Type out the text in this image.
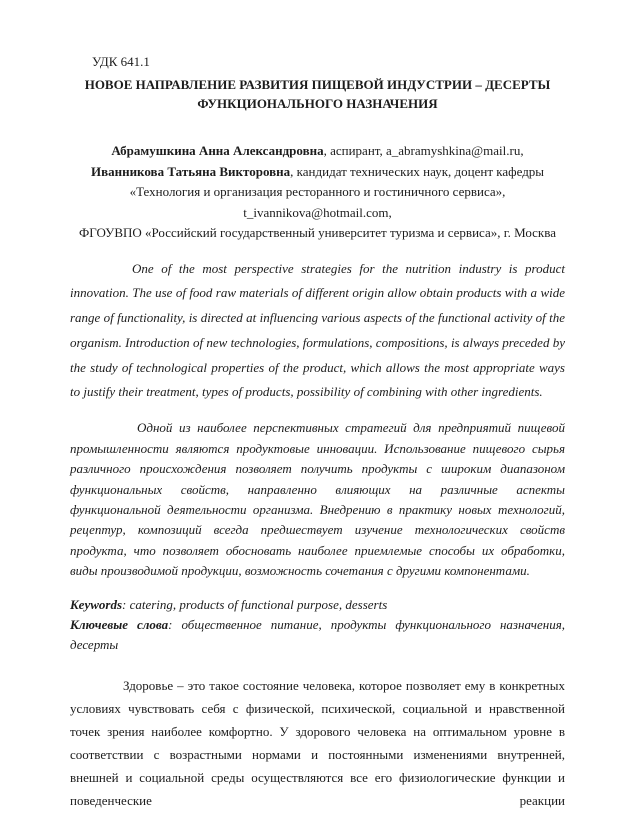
УДК 641.1
НОВОЕ НАПРАВЛЕНИЕ РАЗВИТИЯ ПИЩЕВОЙ ИНДУСТРИИ – ДЕСЕРТЫ
ФУНКЦИОНАЛЬНОГО НАЗНАЧЕНИЯ
Абрамушкина Анна Александровна, аспирант, a_abramyshkina@mail.ru,
Иванникова Татьяна Викторовна, кандидат технических наук, доцент кафедры
«Технология и организация ресторанного и гостиничного сервиса»,
t_ivannikova@hotmail.com,
ФГОУВПО «Российский государственный университет туризма и сервиса», г. Москва

One of the most perspective strategies for the nutrition industry is product innovation. The use of food raw materials of different origin allow obtain products with a wide range of functionality, is directed at influencing various aspects of the functional activity of the organism. Introduction of new technologies, formulations, compositions, is always preceded by the study of technological properties of the product, which allows the most appropriate ways to justify their treatment, types of products, possibility of combining with other ingredients.

Одной из наиболее перспективных стратегий для предприятий пищевой промышленности являются продуктовые инновации. Использование пищевого сырья различного происхождения позволяет получить продукты с широким диапазоном функциональных свойств, направленно влияющих на различные аспекты функциональной деятельности организма. Внедрению в практику новых технологий, рецептур, композиций всегда предшествует изучение технологических свойств продукта, что позволяет обосновать наиболее приемлемые способы их обработки, виды производимой продукции, возможность сочетания с другими компонентами.

Keywords: catering, products of functional purpose, desserts
Ключевые слова: общественное питание, продукты функционального назначения, десерты

Здоровье – это такое состояние человека, которое позволяет ему в конкретных условиях чувствовать себя с физической, психической, социальной и нравственной точек зрения наиболее комфортно. У здорового человека на оптимальном уровне в соответствии с возрастными нормами и постоянными изменениями внутренней, внешней и социальной среды осуществляются все его физиологические функции и поведенческие реакции
